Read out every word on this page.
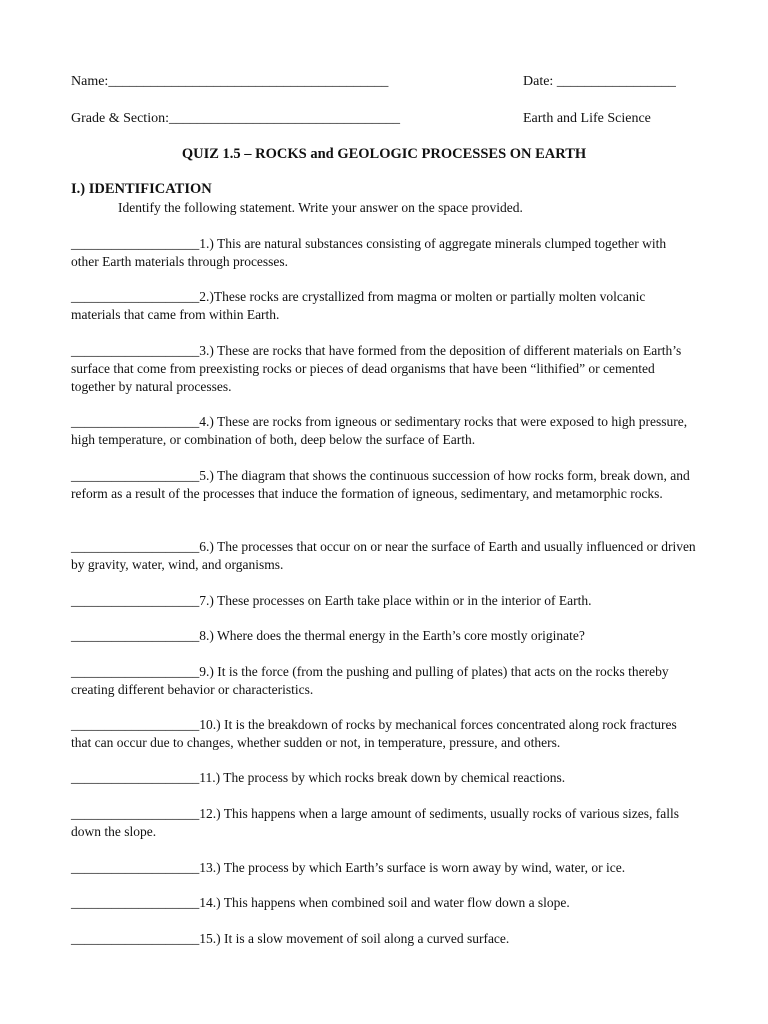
Name:________________________________________	Date: _________________
Grade & Section:_________________________________	Earth and Life Science
QUIZ 1.5 – ROCKS and GEOLOGIC PROCESSES ON EARTH
I.) IDENTIFICATION
Identify the following statement. Write your answer on the space provided.
___________________1.) This are natural substances consisting of aggregate minerals clumped together with other Earth materials through processes.
___________________2.)These rocks are crystallized from magma or molten or partially molten volcanic materials that came from within Earth.
___________________3.) These are rocks that have formed from the deposition of different materials on Earth’s surface that come from preexisting rocks or pieces of dead organisms that have been “lithified” or cemented together by natural processes.
___________________4.) These are rocks from igneous or sedimentary rocks that were exposed to high pressure, high temperature, or combination of both, deep below the surface of Earth.
___________________5.) The diagram that shows the continuous succession of how rocks form, break down, and reform as a result of the processes that induce the formation of igneous, sedimentary, and metamorphic rocks.
___________________6.) The processes that occur on or near the surface of Earth and usually influenced or driven by gravity, water, wind, and organisms.
___________________7.) These processes on Earth take place within or in the interior of Earth.
___________________8.) Where does the thermal energy in the Earth’s core mostly originate?
___________________9.) It is the force (from the pushing and pulling of plates) that acts on the rocks thereby creating different behavior or characteristics.
___________________10.) It is the breakdown of rocks by mechanical forces concentrated along rock fractures that can occur due to changes, whether sudden or not, in temperature, pressure, and others.
___________________11.) The process by which rocks break down by chemical reactions.
___________________12.) This happens when a large amount of sediments, usually rocks of various sizes, falls down the slope.
___________________13.) The process by which Earth’s surface is worn away by wind, water, or ice.
___________________14.) This happens when combined soil and water flow down a slope.
___________________15.) It is a slow movement of soil along a curved surface.
